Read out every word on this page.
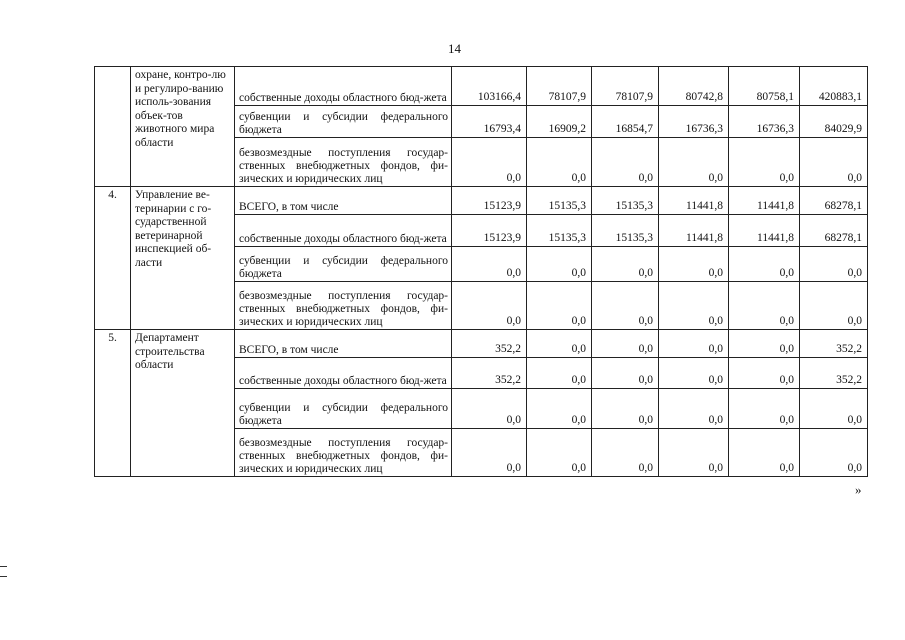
14
	охране, контро-лю и регулиро-ванию исполь-зования объек-тов животного мира области	собственные доходы областного бюд-жета	103166,4	78107,9	78107,9	80742,8	80758,1	420883,1

		субвенции и субсидии федерального бюджета	16793,4	16909,2	16854,7	16736,3	16736,3	84029,9

		безвозмездные поступления государ-ственных внебюджетных фондов, фи-зических и юридических лиц	0,0	0,0	0,0	0,0	0,0	0,0
4.	Управление ве-теринарии с го-сударственной ветеринарной инспекцией об-ласти	ВСЕГО, в том числе	15123,9	15135,3	15135,3	11441,8	11441,8	68278,1

		собственные доходы областного бюд-жета	15123,9	15135,3	15135,3	11441,8	11441,8	68278,1

		субвенции и субсидии федерального бюджета	0,0	0,0	0,0	0,0	0,0	0,0

		безвозмездные поступления государ-ственных внебюджетных фондов, фи-зических и юридических лиц	0,0	0,0	0,0	0,0	0,0	0,0
5.	Департамент строительства области	ВСЕГО, в том числе	352,2	0,0	0,0	0,0	0,0	352,2

		собственные доходы областного бюд-жета	352,2	0,0	0,0	0,0	0,0	352,2

		субвенции и субсидии федерального бюджета	0,0	0,0	0,0	0,0	0,0	0,0

		безвозмездные поступления государ-ственных внебюджетных фондов, фи-зических и юридических лиц	0,0	0,0	0,0	0,0	0,0	0,0
»
